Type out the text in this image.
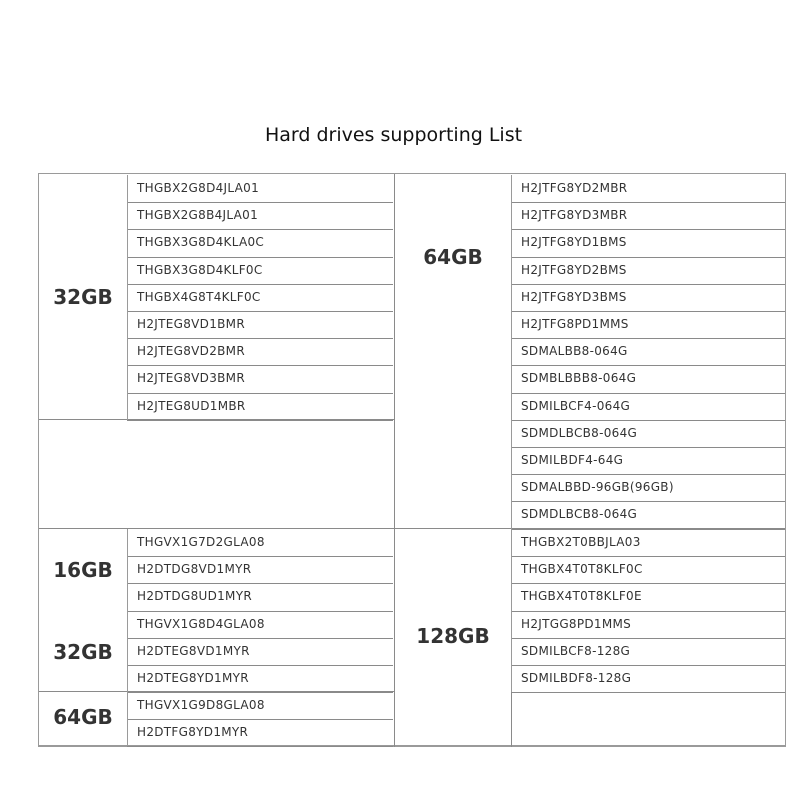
Hard drives supporting List
32GB
16GB
32GB
64GB
64GB
128GB
THGBX2G8D4JLA01
THGBX2G8B4JLA01
THGBX3G8D4KLA0C
THGBX3G8D4KLF0C
THGBX4G8T4KLF0C
H2JTEG8VD1BMR
H2JTEG8VD2BMR
H2JTEG8VD3BMR
H2JTEG8UD1MBR
THGVX1G7D2GLA08
H2DTDG8VD1MYR
H2DTDG8UD1MYR
THGVX1G8D4GLA08
H2DTEG8VD1MYR
H2DTEG8YD1MYR
THGVX1G9D8GLA08
H2DTFG8YD1MYR
H2JTFG8YD2MBR
H2JTFG8YD3MBR
H2JTFG8YD1BMS
H2JTFG8YD2BMS
H2JTFG8YD3BMS
H2JTFG8PD1MMS
SDMALBB8-064G
SDMBLBBB8-064G
SDMILBCF4-064G
SDMDLBCB8-064G
SDMILBDF4-64G
SDMALBBD-96GB(96GB)
SDMDLBCB8-064G
THGBX2T0BBJLA03
THGBX4T0T8KLF0C
THGBX4T0T8KLF0E
H2JTGG8PD1MMS
SDMILBCF8-128G
SDMILBDF8-128G
